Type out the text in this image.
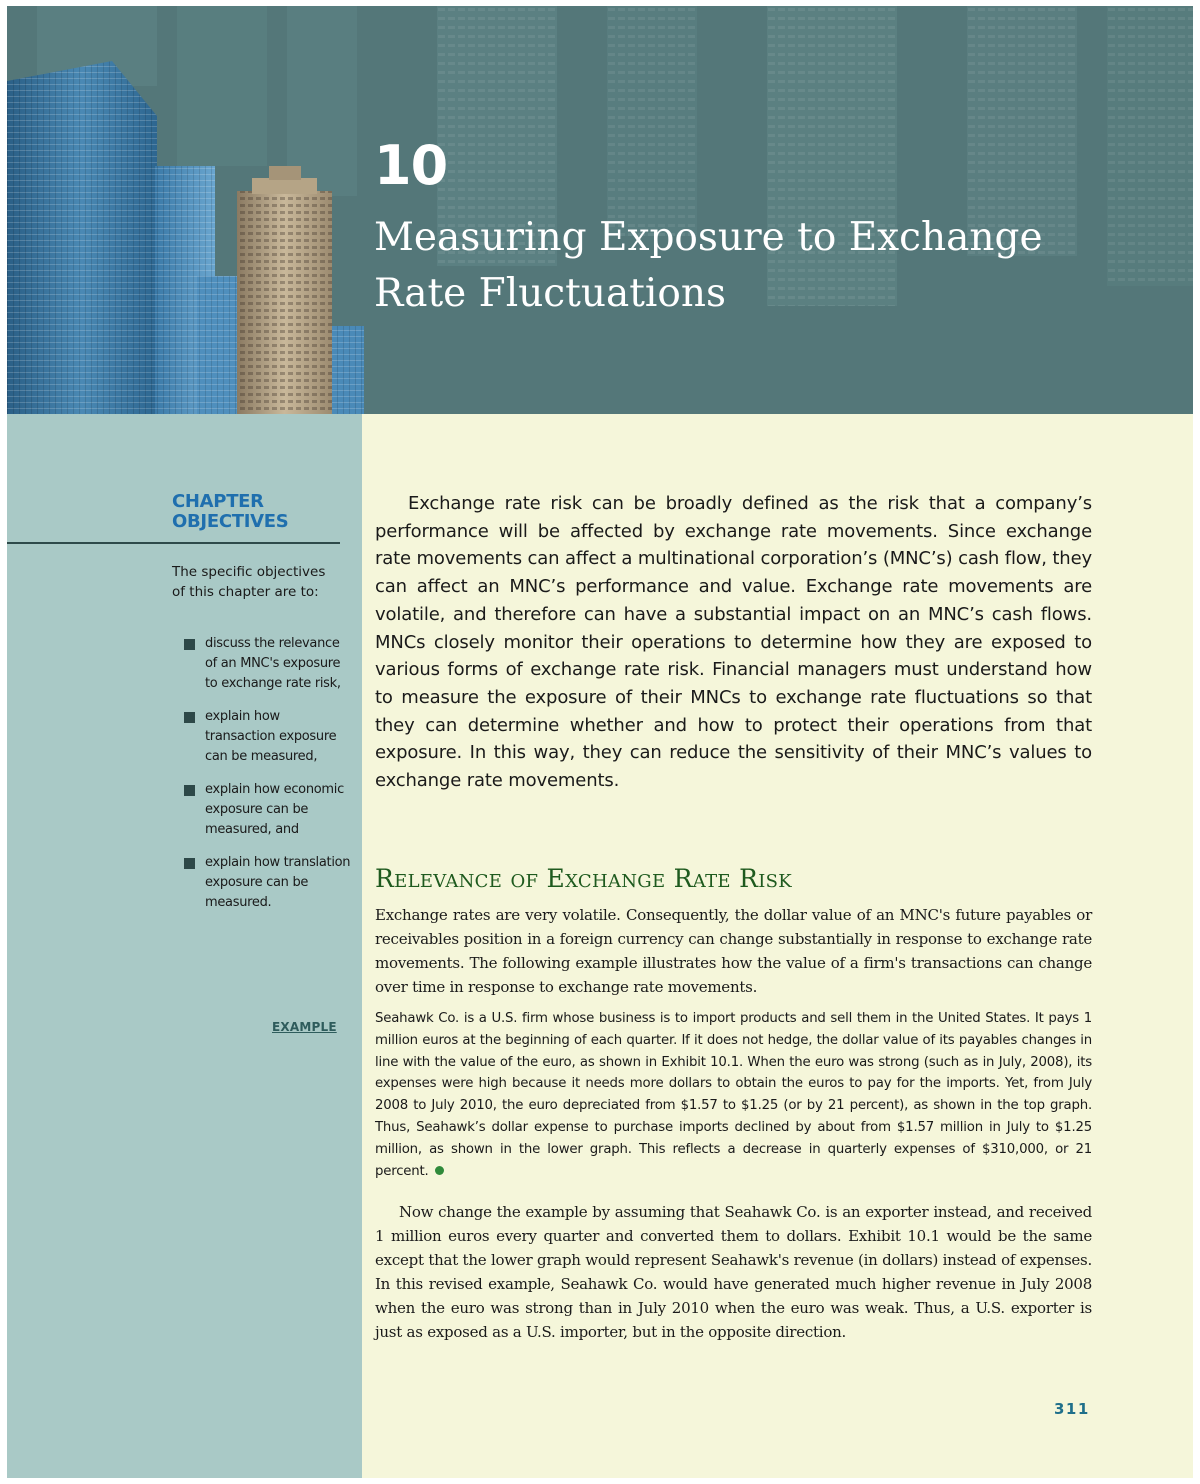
10
Measuring Exposure to Exchange
Rate Fluctuations
CHAPTER
OBJECTIVES
The specific objectives of this chapter are to:
discuss the relevance of an MNC's exposure to exchange rate risk,
explain how transaction exposure can be measured,
explain how economic exposure can be measured, and
explain how translation exposure can be measured.
EXAMPLE

Exchange rate risk can be broadly defined as the risk that a company’s performance will be affected by exchange rate movements. Since exchange rate movements can affect a multinational corporation’s (MNC’s) cash flow, they can affect an MNC’s performance and value. Exchange rate movements are volatile, and therefore can have a substantial impact on an MNC’s cash flows. MNCs closely monitor their operations to determine how they are exposed to various forms of exchange rate risk. Financial managers must understand how to measure the exposure of their MNCs to exchange rate fluctuations so that they can determine whether and how to protect their operations from that exposure. In this way, they can reduce the sensitivity of their MNC’s values to exchange rate movements.

Relevance of Exchange Rate Risk

Exchange rates are very volatile. Consequently, the dollar value of an MNC's future payables or receivables position in a foreign currency can change substantially in response to exchange rate movements. The following example illustrates how the value of a firm's transactions can change over time in response to exchange rate movements.

Seahawk Co. is a U.S. firm whose business is to import products and sell them in the United States. It pays 1 million euros at the beginning of each quarter. If it does not hedge, the dollar value of its payables changes in line with the value of the euro, as shown in Exhibit 10.1. When the euro was strong (such as in July, 2008), its expenses were high because it needs more dollars to obtain the euros to pay for the imports. Yet, from July 2008 to July 2010, the euro depreciated from $1.57 to $1.25 (or by 21 percent), as shown in the top graph. Thus, Seahawk’s dollar expense to purchase imports declined by about from $1.57 million in July to $1.25 million, as shown in the lower graph. This reflects a decrease in quarterly expenses of $310,000, or 21 percent.

Now change the example by assuming that Seahawk Co. is an exporter instead, and received 1 million euros every quarter and converted them to dollars. Exhibit 10.1 would be the same except that the lower graph would represent Seahawk's revenue (in dollars) instead of expenses. In this revised example, Seahawk Co. would have generated much higher revenue in July 2008 when the euro was strong than in July 2010 when the euro was weak. Thus, a U.S. exporter is just as exposed as a U.S. importer, but in the opposite direction.

311
